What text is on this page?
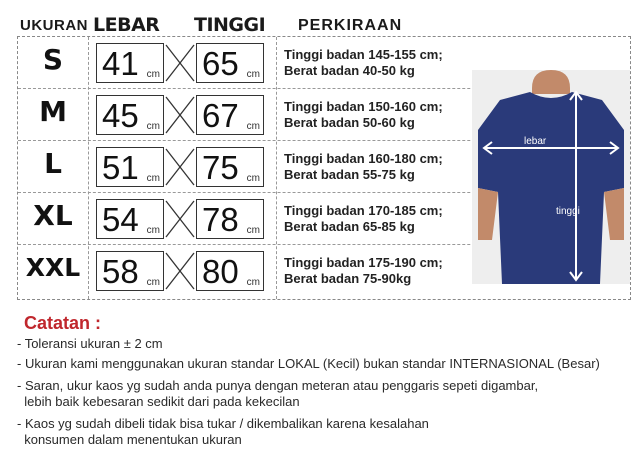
UKURAN LEBAR TINGGI PERKIRAAN
S	41 cm 65 cm
Tinggi badan 145-155 cm;
Berat badan 40-50 kg
M	45 cm 67 cm
Tinggi badan 150-160 cm;
Berat badan 50-60 kg
L	51 cm 75 cm
Tinggi badan 160-180 cm;
Berat badan 55-75 kg
XL 54 cm 78 cm
Tinggi badan 170-185 cm;
Berat badan 65-85 kg
XXL 58 cm 80 cm
Tinggi badan 175-190 cm;
Berat badan 75-90kg
lebar
tinggi
Catatan :
- Toleransi ukuran ± 2 cm
- Ukuran kami menggunakan ukuran standar LOKAL (Kecil) bukan standar INTERNASIONAL (Besar)
- Saran, ukur kaos yg sudah anda punya dengan meteran atau penggaris sepeti digambar,
lebih baik kebesaran sedikit dari pada kekecilan
- Kaos yg sudah dibeli tidak bisa tukar / dikembalikan karena kesalahan
konsumen dalam menentukan ukuran
